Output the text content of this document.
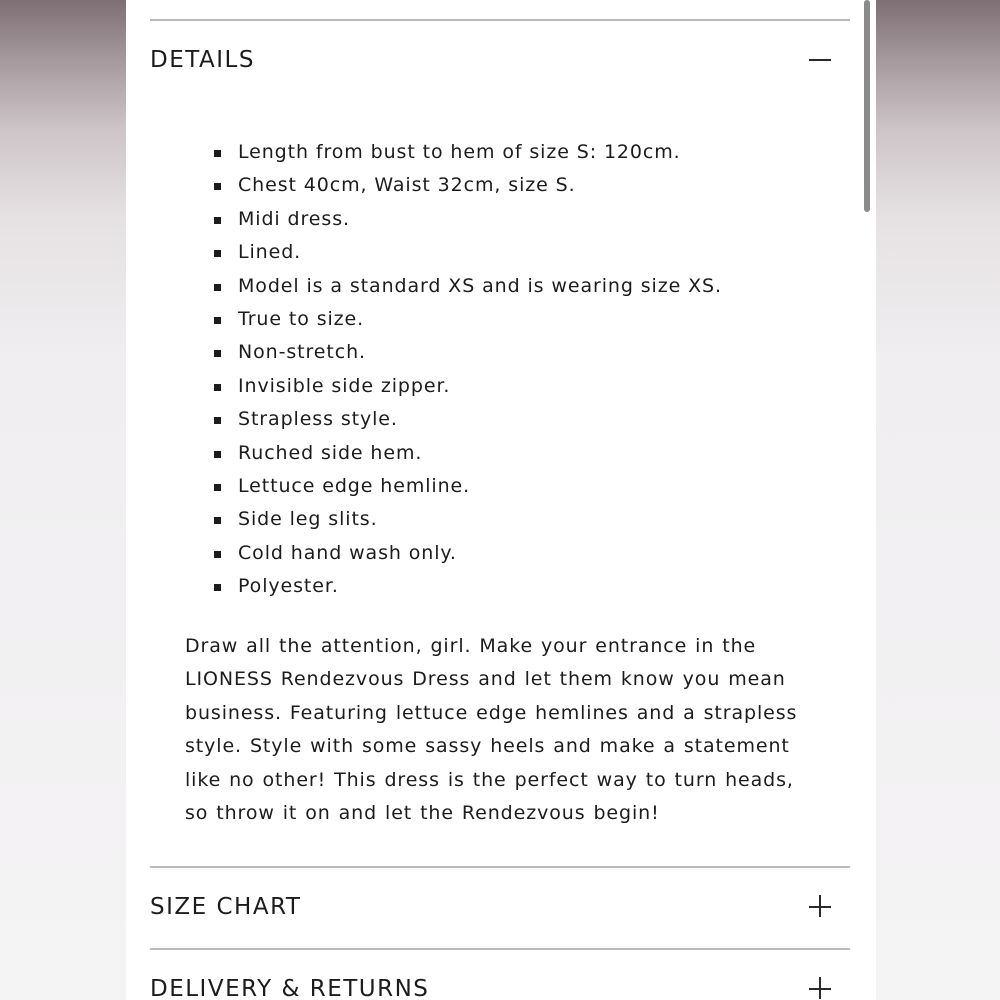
DETAILS
Length from bust to hem of size S: 120cm.
Chest 40cm, Waist 32cm, size S.
Midi dress.
Lined.
Model is a standard XS and is wearing size XS.
True to size.
Non-stretch.
Invisible side zipper.
Strapless style.
Ruched side hem.
Lettuce edge hemline.
Side leg slits.
Cold hand wash only.
Polyester.

Draw all the attention, girl. Make your entrance in the LIONESS Rendezvous Dress and let them know you mean business. Featuring lettuce edge hemlines and a strapless style. Style with some sassy heels and make a statement like no other! This dress is the perfect way to turn heads, so throw it on and let the Rendezvous begin!

SIZE CHART
DELIVERY & RETURNS
